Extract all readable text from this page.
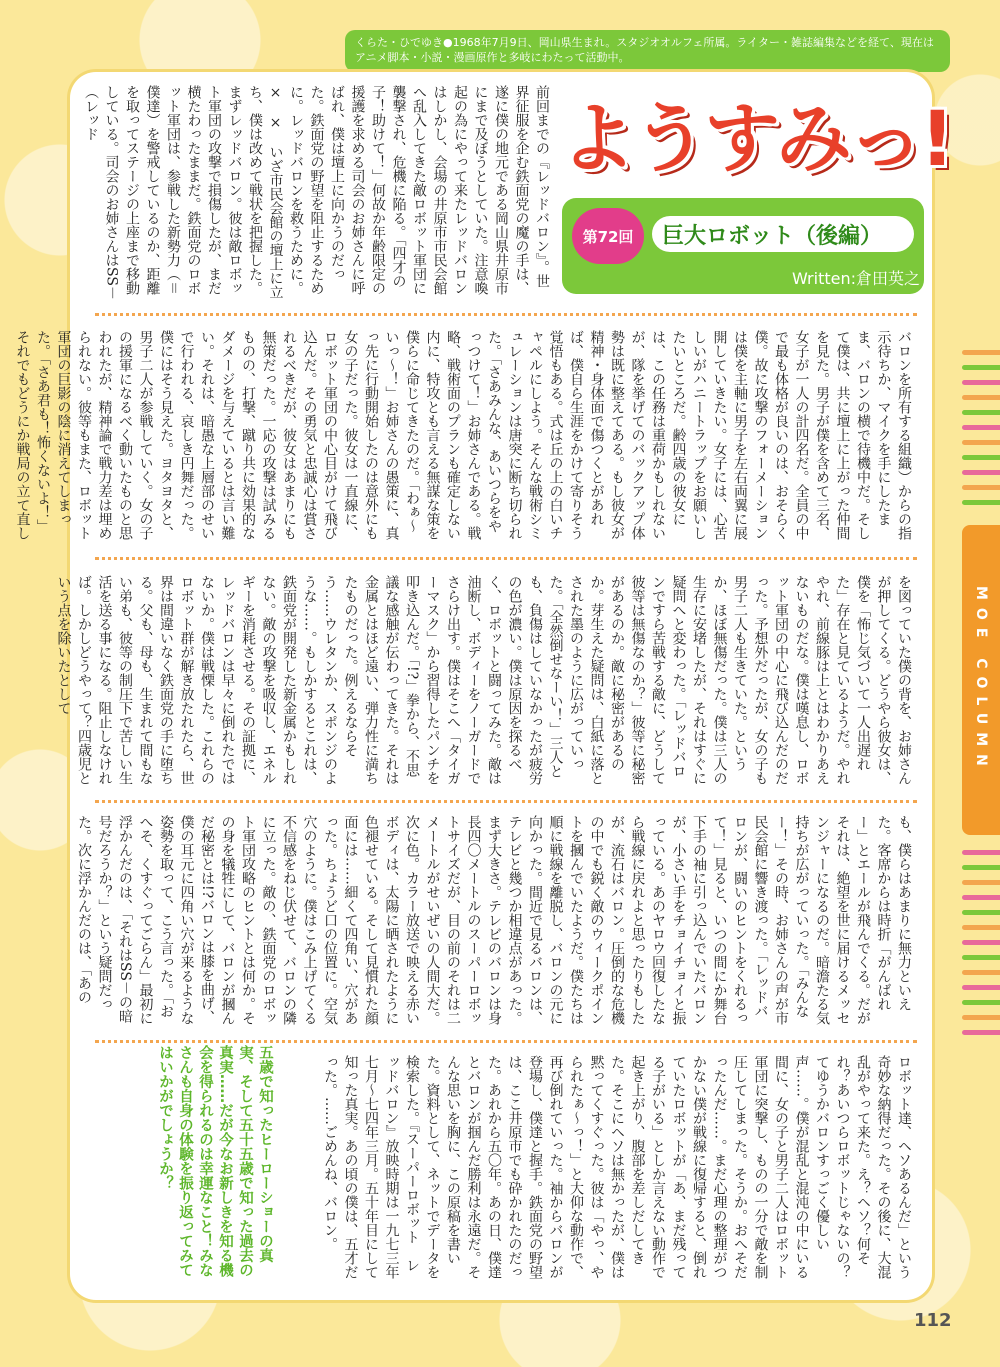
くらた・ひでゆき●1968年7月9日、岡山県生まれ。スタジオオルフェ所属。ライター・雑誌編集などを経て、現在はアニメ脚本・小説・漫画原作と多岐にわたって活動中。
ようすみっ!
第72回	巨大ロボット（後編）
Written:倉田英之
前回までの『レッドバロン』。世界征服を企む鉄面党の魔の手は、遂に僕の地元である岡山県井原市にまで及ぼうとしていた。注意喚起の為にやって来たレッドバロンはしかし、会場の井原市市民会館へ乱入してきた敵ロボット軍団に襲撃され、危機に陥る。「四才の子！助けて！」何故か年齢限定の援護を求める司会のお姉さんに呼ばれ、僕は壇上に向かうのだった。鉄面党の野望を阻止するために。レッドバロンを救うために。×　×　いざ市民会館の壇上に立ち、僕は改めて戦状を把握した。まずレッドバロン。彼は敵ロボット軍団の攻撃で損傷したが、まだ横たわったままだ。鉄面党のロボット軍団は、参戦した新勢力（＝僕達）を警戒しているのか、距離を取ってステージの上座まで移動している。司会のお姉さんはSS－（レッド
バロンを所有する組織）からの指示待ちか、マイクを手にしたまま、バロンの横で待機中だ。そして僕は、共に壇上に上がった仲間を見た。男子が僕を含めて三名、女子が一人の計四名だ。全員の中で最も体格が良いのは、おそらく僕。故に攻撃のフォーメーションは僕を主軸に男子を左右両翼に展開していきたい。女子には、心苦しいがハニートラップをお願いしたいところだ。齢四歳の彼女には、この任務は重荷かもしれないが、隊を挙げてのバックアップ体勢は既に整えてある。もし彼女が精神・身体面で傷つくとがあれば、僕自ら生涯をかけて寄りそう覚悟もある。式は丘の上の白いチャペルにしよう。そんな戦術シミュレーションは唐突に断ち切られた。「さあみんな、あいつらをやっつけて！」お姉さんである。戦略、戦術面のプランも確定しない内に、特攻とも言える無謀な策を僕らに命じてきたのだ。「わぁ～いっ～！」お姉さんの愚策に、真っ先に行動開始したのは意外にも女の子だった。彼女は一直線に、ロボット軍団の中心目がけて飛び込んだ。その勇気と忠誠心は賞されるべきだが、彼女はあまりにも無策だった。一応の攻撃は試みるものの、打撃、蹴り共に効果的なダメージを与えているとは言い難い。それは、暗愚な上層部のせいで行われる、哀しき円舞だった。僕にはそう見えた。ヨタヨタと、男子二人が参戦していく。女の子の援軍になるべく動いたものと思われたが、精神論で戦力差は埋められない。彼等もまた、ロボット軍団の巨影の陰に消えてしまった。「さあ君も！怖くないよ！」それでもどうにか戦局の立て直し
を図っていた僕の背を、お姉さんが押してくる。どうやら彼女は、僕を「怖じ気づいて一人出遅れた」存在と見ているようだ。やれやれ、前線豚は上とはわかりあえないものだな。僕は嘆息し、ロボット軍団の中心に飛び込んだのだった。予想外だったが、女の子も男子二人も生きていた。というか、ほぼ無傷だった。僕は三人の生存に安堵したが、それはすぐに疑問へと変わった。「レッドバロンですら苦戦する敵に、どうして彼等は無傷なのか？」彼等に秘密があるのか。敵に秘密があるのか。芽生えた疑問は、白紙に落とされた墨のように広がっていった。「全然倒せなーい！」三人とも、負傷はしていなかったが疲労の色が濃い。僕は原因を探るべく、ロボットと闘ってみた。敵は油断し、ボディーをノーガードでさらけ出す。僕はそこへ「タイガーマスク」から習得したパンチを叩き込んだ。「!?」拳から、不思議な感触が伝わってきた。それは金属とはほど遠い、弾力性に満ちたものだった。例えるならそう……ウレタンか、スポンジのような……。もしかするとこれは、鉄面党が開発した新金属かもしれない。敵の攻撃を吸収し、エネルギーを消耗させる。その証拠に、レッドバロンは早々に倒れたではないか。僕は戦慄した。これらのロボット群が解き放たれたら、世界は間違いなく鉄面党の手に堕ちる。父も、母も、生まれて間もない弟も、彼等の制圧下で苦しい生活を送る事になる。阻止しなければ。しかしどうやって？四歳児という点を除いたとして
も、僕らはあまりに無力といえた。客席からは時折「がんばれー」とエールが飛んでくる。だがそれは、絶望を世に届けるメッセンジャーになるのだ。暗澹たる気持ちが広がっていった。「みんなー！」その時、お姉さんの声が市民会館に響き渡った。「レッドバロンが、闘いのヒントをくれるって！」見ると、いつの間にか舞台下手の袖に引っ込んでいたバロンが、小さい手をチョイチョイと振っている。あのヤロウ回復したなら戦線に戻れよと思ったりもしたが、流石はバロン。圧倒的な危機の中でも鋭く敵のウィークポイントを摑んでいたようだ。僕たちは順に戦線を離脱し、バロンの元に向かった。間近で見るバロンは、テレビと幾つか相違点があった。まず大きさ。テレビのバロンは身長四〇メートルのスーパーロボットサイズだが、目の前のそれは二メートルがせいぜいの人間大だ。次に色。カラー放送で映える赤いボディは、太陽に晒されたように色褪せている。そして見慣れた顔面には……細くて四角い、穴があった。ちょうど口の位置に。空気穴のように。僕はこみ上げてくる不信感をねじ伏せて、バロンの隣に立った。敵の、鉄面党のロボット軍団攻略のヒントとは何か。その身を犠牲にして、バロンが摑んだ秘密とは!?バロンは膝を曲げ、僕の耳元に四角い穴が来るような姿勢を取って、こう言った。「おへそ、くすぐってごらん」最初に浮かんだのは、「それはSS－の暗号だろうか？」という疑問だった。次に浮かんだのは、「あの
ロボット達、ヘソあるんだ」という奇妙な納得だった。その後に、大混乱がやって来た。え？ヘソ？何それ？あいつらロボットじゃないの？てゆうかバロンすっごく優しい声……。僕が混乱と混沌の中にいる間に、女の子と男子二人はロボット軍団に突撃し、ものの一分で敵を制圧してしまった。そうか。おへそだったんだ……。まだ心理の整理がつかない僕が戦線に復帰すると、倒れていたロボットが「あ、まだ残ってる子がいる」としか言えない動作で起き上がり、腹部を差しだしてきた。そこにヘソは無かったが、僕は黙ってくすぐった。彼は「やっ、やられたぁ～っ！」と大仰な動作で、再び倒れていった。袖からバロンが登場し、僕達と握手。鉄面党の野望は、ここ井原市でも砕かれたのだった。あれから五〇年。あの日、僕達とバロンが掴んだ勝利は永遠だ。そんな思いを胸に、この原稿を書いた。資料として、ネットでデータを検索した。『スーパーロボット　レッドバロン』放映時期は一九七三年七月～七四年三月。五十年目にして知った真実。あの頃の僕は、五才だった。……ごめんね、バロン。
五歳で知ったヒーローショーの真実、そして五十五歳で知った過去の真実……だが今なお新しきを知る機会を得られるのは幸運なこと！みなさんも自身の体験を振り返ってみてはいかがでしょうか？
112
MOE COLUMN
